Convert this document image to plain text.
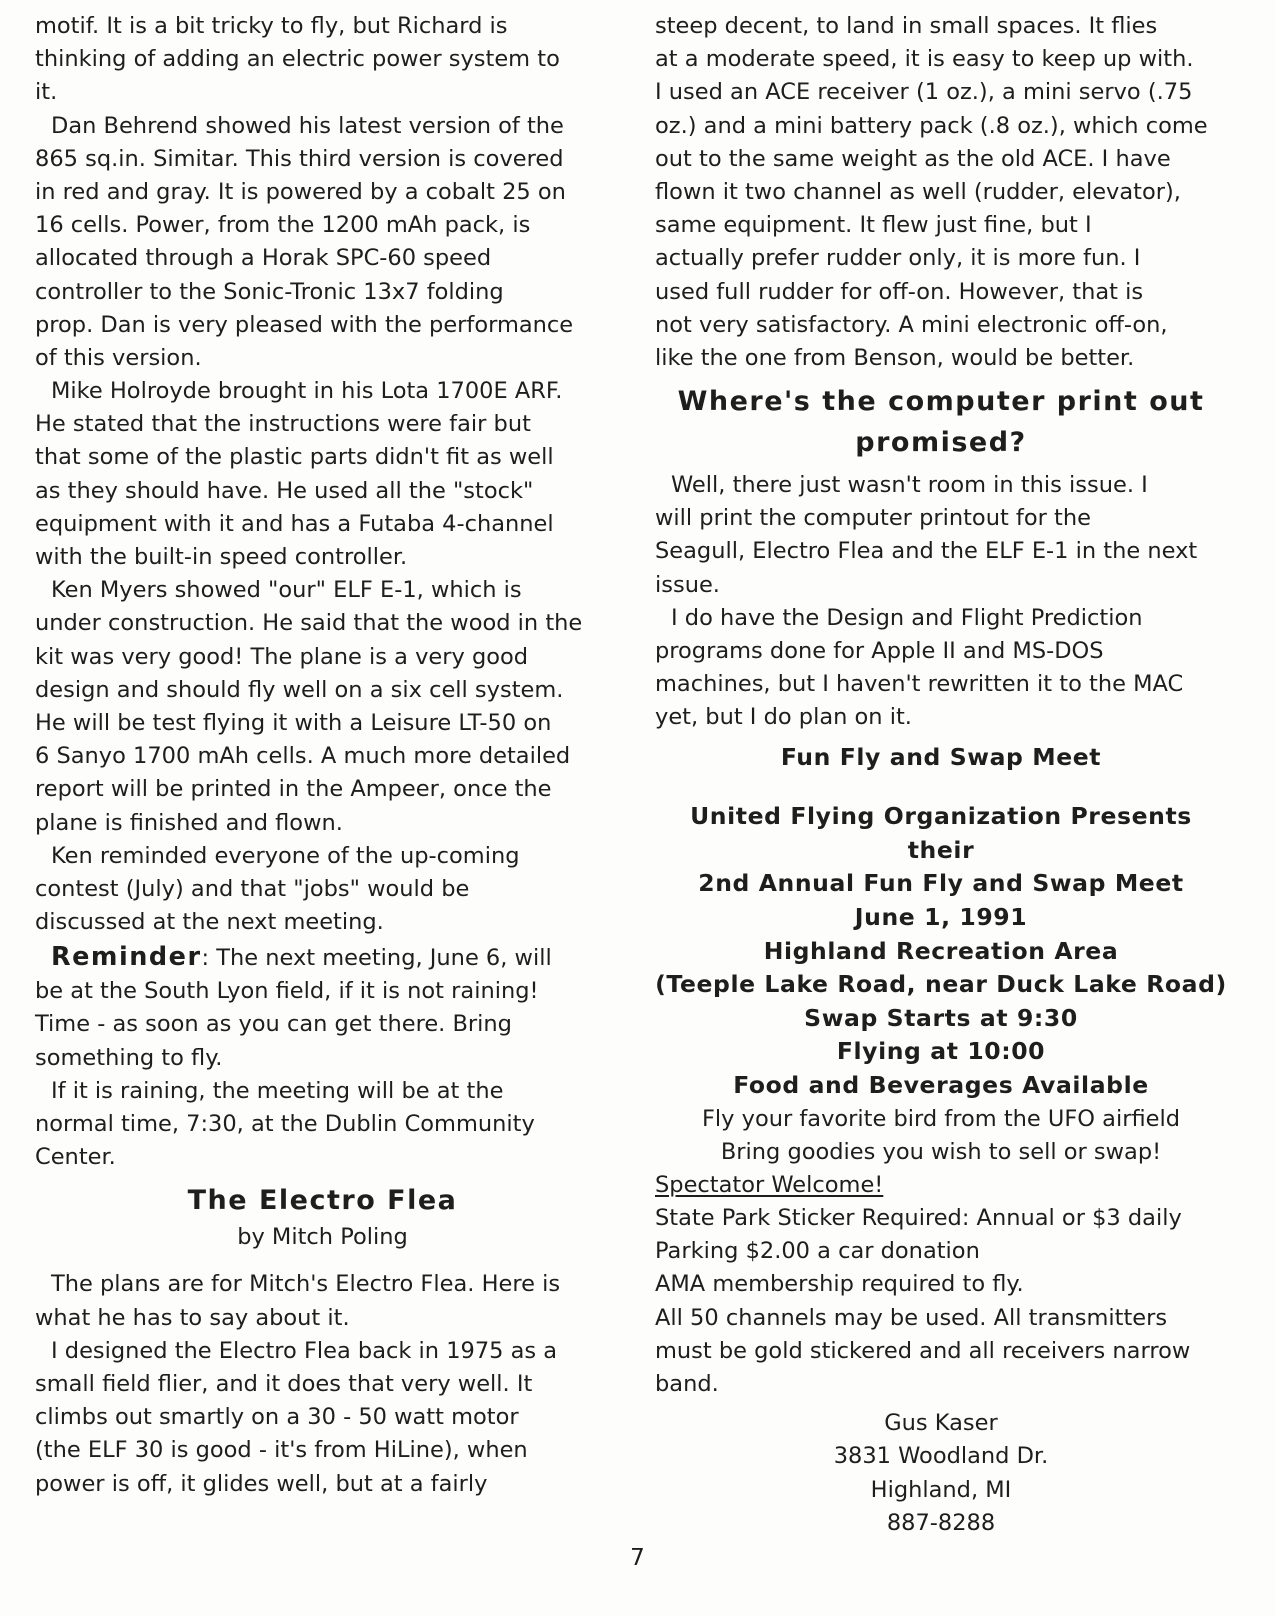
motif. It is a bit tricky to fly, but Richard is
thinking of adding an electric power system to
it.
Dan Behrend showed his latest version of the
865 sq.in. Simitar. This third version is covered
in red and gray. It is powered by a cobalt 25 on
16 cells. Power, from the 1200 mAh pack, is
allocated through a Horak SPC-60 speed
controller to the Sonic-Tronic 13x7 folding
prop. Dan is very pleased with the performance
of this version.
Mike Holroyde brought in his Lota 1700E ARF.
He stated that the instructions were fair but
that some of the plastic parts didn't fit as well
as they should have. He used all the "stock"
equipment with it and has a Futaba 4-channel
with the built-in speed controller.
Ken Myers showed "our" ELF E-1, which is
under construction. He said that the wood in the
kit was very good! The plane is a very good
design and should fly well on a six cell system.
He will be test flying it with a Leisure LT-50 on
6 Sanyo 1700 mAh cells. A much more detailed
report will be printed in the Ampeer, once the
plane is finished and flown.
Ken reminded everyone of the up-coming
contest (July) and that "jobs" would be
discussed at the next meeting.
Reminder: The next meeting, June 6, will
be at the South Lyon field, if it is not raining!
Time - as soon as you can get there. Bring
something to fly.
If it is raining, the meeting will be at the
normal time, 7:30, at the Dublin Community
Center.
The Electro Flea
by Mitch Poling
The plans are for Mitch's Electro Flea. Here is
what he has to say about it.
I designed the Electro Flea back in 1975 as a
small field flier, and it does that very well. It
climbs out smartly on a 30 - 50 watt motor
(the ELF 30 is good - it's from HiLine), when
power is off, it glides well, but at a fairly
steep decent, to land in small spaces. It flies
at a moderate speed, it is easy to keep up with.
I used an ACE receiver (1 oz.), a mini servo (.75
oz.) and a mini battery pack (.8 oz.), which come
out to the same weight as the old ACE. I have
flown it two channel as well (rudder, elevator),
same equipment. It flew just fine, but I
actually prefer rudder only, it is more fun. I
used full rudder for off-on. However, that is
not very satisfactory. A mini electronic off-on,
like the one from Benson, would be better.
Where's the computer print out
promised?
Well, there just wasn't room in this issue. I
will print the computer printout for the
Seagull, Electro Flea and the ELF E-1 in the next
issue.
I do have the Design and Flight Prediction
programs done for Apple II and MS-DOS
machines, but I haven't rewritten it to the MAC
yet, but I do plan on it.
Fun Fly and Swap Meet
United Flying Organization Presents their
2nd Annual Fun Fly and Swap Meet
June 1, 1991
Highland Recreation Area
(Teeple Lake Road, near Duck Lake Road)
Swap Starts at 9:30
Flying at 10:00
Food and Beverages Available
Fly your favorite bird from the UFO airfield
Bring goodies you wish to sell or swap!
Spectator Welcome!
State Park Sticker Required: Annual or $3 daily
Parking $2.00 a car donation
AMA membership required to fly.
All 50 channels may be used. All transmitters
must be gold stickered and all receivers narrow
band.
Gus Kaser
3831 Woodland Dr.
Highland, MI
887-8288
7
